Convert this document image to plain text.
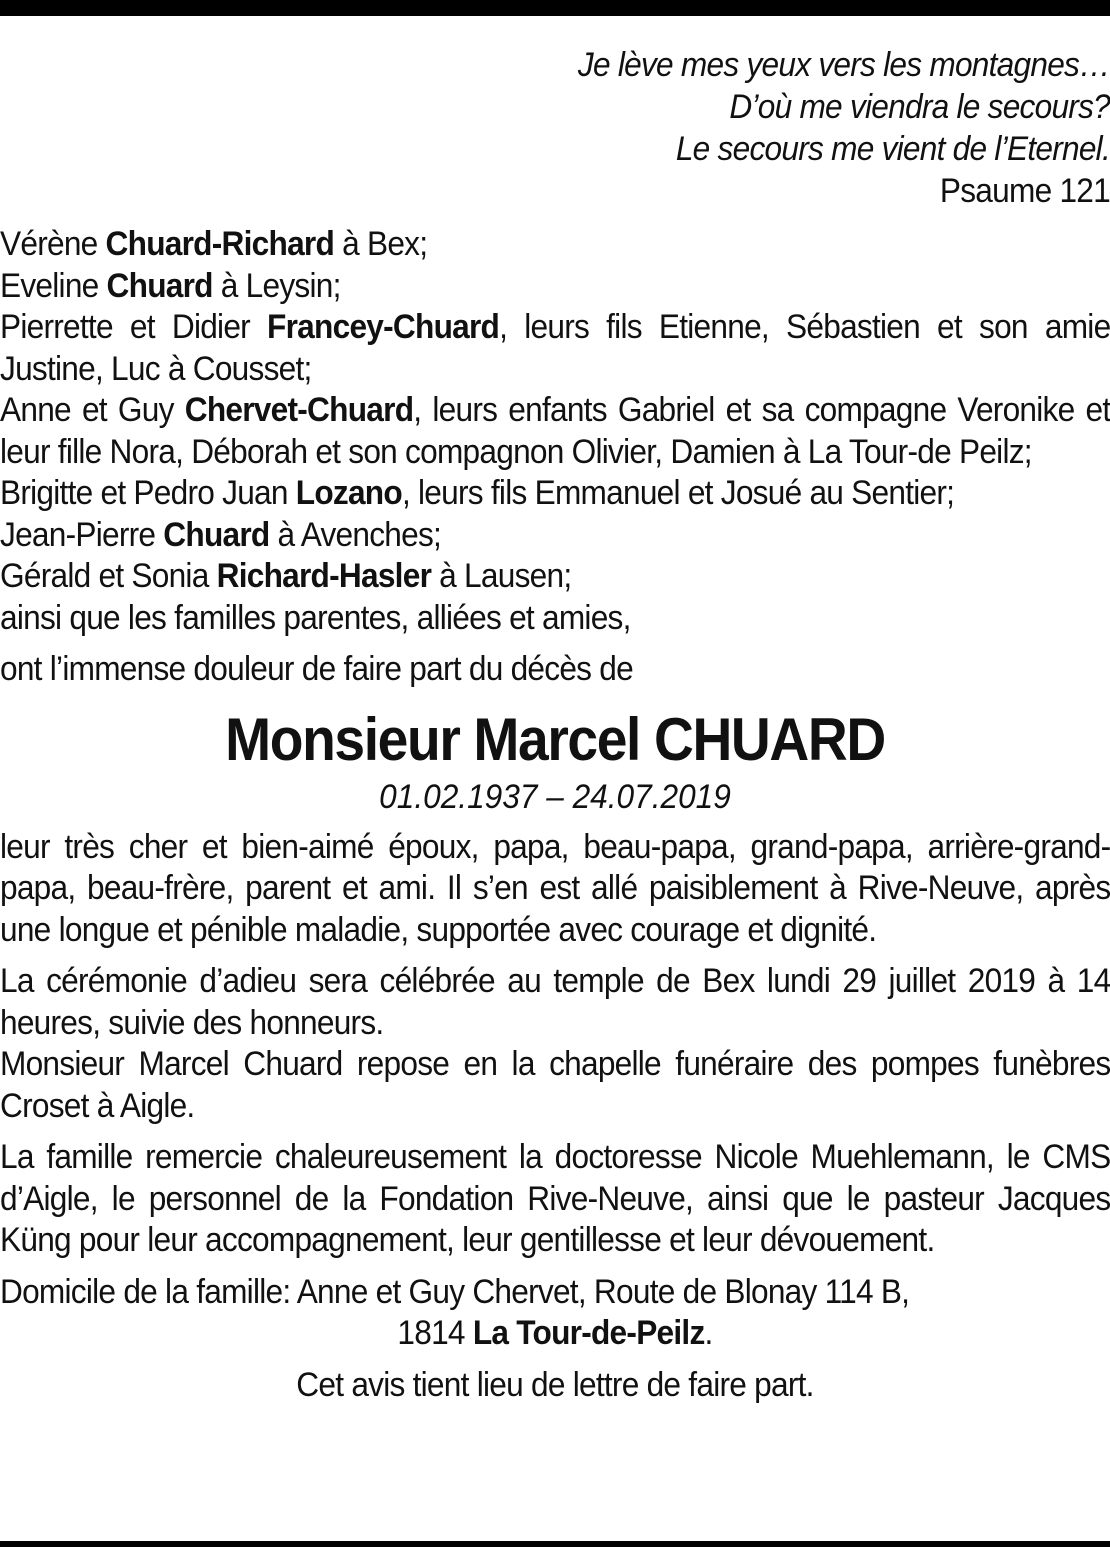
Je lève mes yeux vers les montagnes…
D’où me viendra le secours?
Le secours me vient de l’Eternel.
Psaume 121
Vérène Chuard-Richard à Bex;
Eveline Chuard à Leysin;
Pierrette et Didier Francey-Chuard, leurs fils Etienne, Sébastien et son amie Justine, Luc à Cousset;
Anne et Guy Chervet-Chuard, leurs enfants Gabriel et sa compagne Veronike et leur fille Nora, Déborah et son compagnon Olivier, Damien à La Tour-de Peilz;
Brigitte et Pedro Juan Lozano, leurs fils Emmanuel et Josué au Sentier;
Jean-Pierre Chuard à Avenches;
Gérald et Sonia Richard-Hasler à Lausen;
ainsi que les familles parentes, alliées et amies,
ont l’immense douleur de faire part du décès de
Monsieur Marcel CHUARD
01.02.1937 – 24.07.2019
leur très cher et bien-aimé époux, papa, beau-papa, grand-papa, arrière-grand-papa, beau-frère, parent et ami. Il s’en est allé paisiblement à Rive-Neuve, après une longue et pénible maladie, supportée avec courage et dignité.
La cérémonie d’adieu sera célébrée au temple de Bex lundi 29 juillet 2019 à 14 heures, suivie des honneurs.
Monsieur Marcel Chuard repose en la chapelle funéraire des pompes funèbres Croset à Aigle.
La famille remercie chaleureusement la doctoresse Nicole Muehlemann, le CMS d’Aigle, le personnel de la Fondation Rive-Neuve, ainsi que le pasteur Jacques Küng pour leur accompagnement, leur gentillesse et leur dévouement.
Domicile de la famille: Anne et Guy Chervet, Route de Blonay 114 B,
1814 La Tour-de-Peilz.
Cet avis tient lieu de lettre de faire part.
